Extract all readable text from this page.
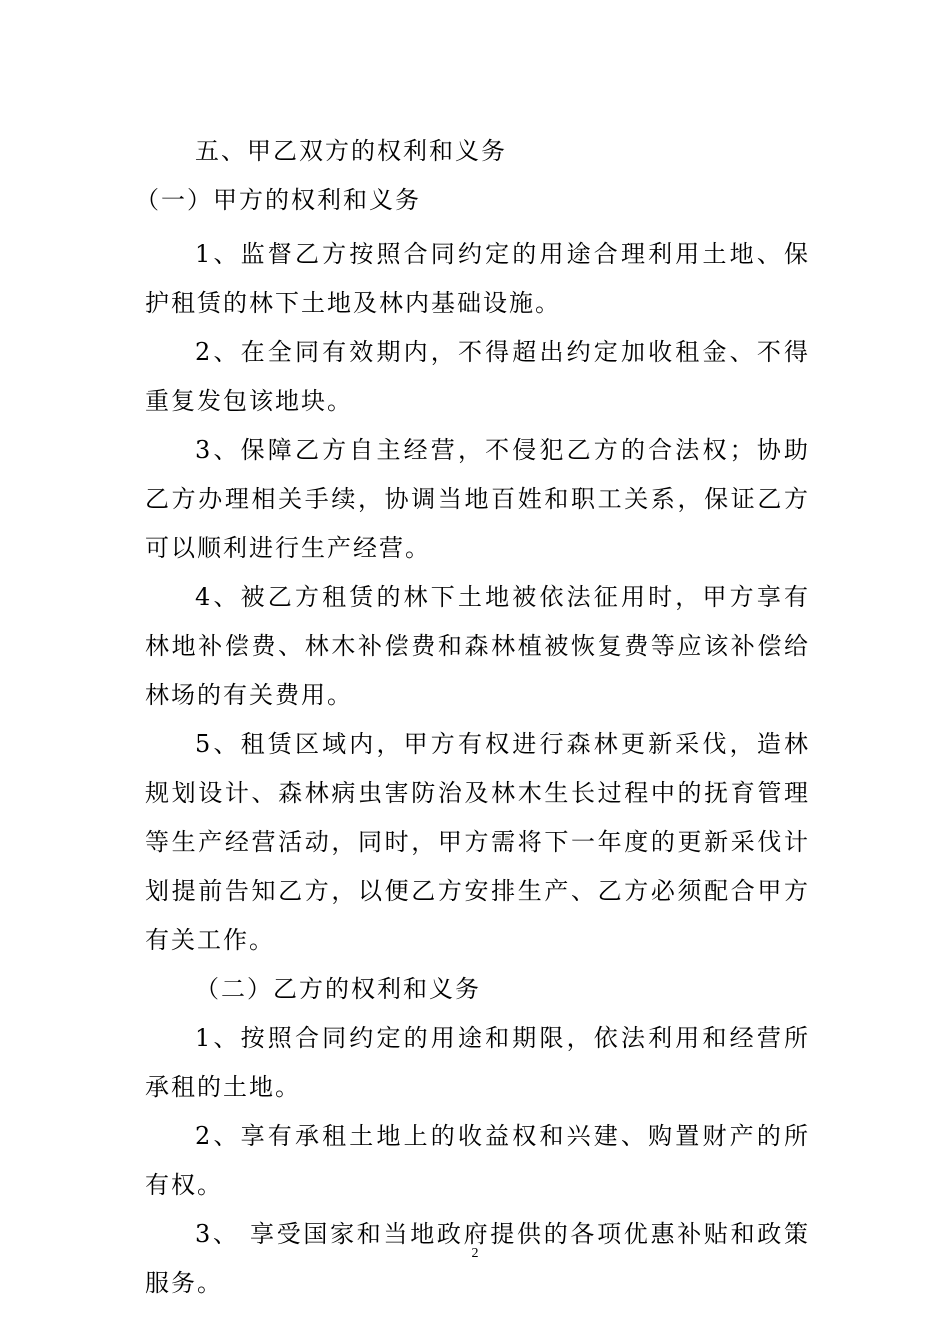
五、甲乙双方的权利和义务
（一）甲方的权利和义务

1、监督乙方按照合同约定的用途合理利用土地、保护租赁的林下土地及林内基础设施。

2、在全同有效期内，不得超出约定加收租金、不得重复发包该地块。

3、保障乙方自主经营，不侵犯乙方的合法权；协助乙方办理相关手续，协调当地百姓和职工关系，保证乙方可以顺利进行生产经营。

4、被乙方租赁的林下土地被依法征用时，甲方享有林地补偿费、林木补偿费和森林植被恢复费等应该补偿给林场的有关费用。

5、租赁区域内，甲方有权进行森林更新采伐，造林规划设计、森林病虫害防治及林木生长过程中的抚育管理等生产经营活动，同时，甲方需将下一年度的更新采伐计划提前告知乙方，以便乙方安排生产、乙方必须配合甲方有关工作。

（二）乙方的权利和义务

1、按照合同约定的用途和期限，依法利用和经营所承租的土地。

2、享有承租土地上的收益权和兴建、购置财产的所有权。

3、 享受国家和当地政府提供的各项优惠补贴和政策服务。

2
